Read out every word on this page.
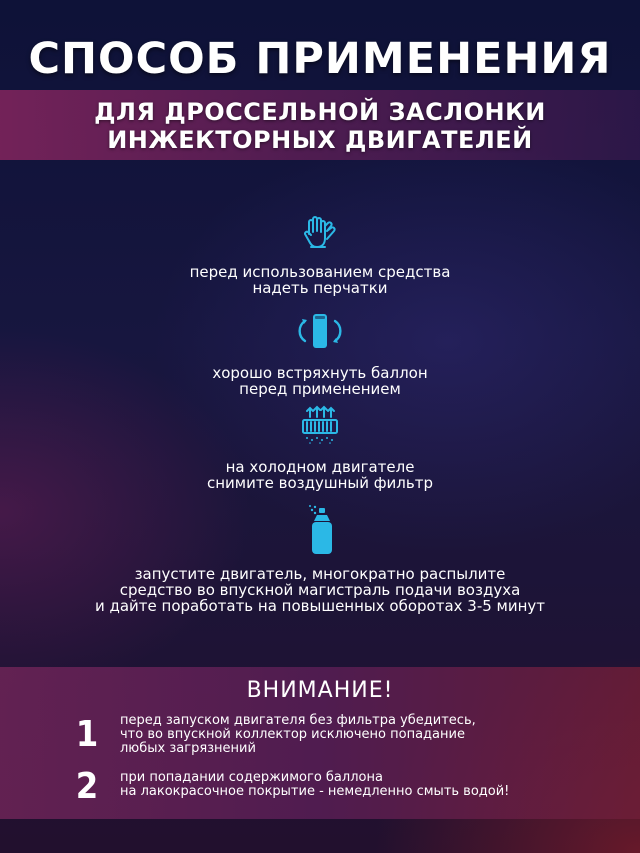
СПОСОБ ПРИМЕНЕНИЯ
ДЛЯ ДРОССЕЛЬНОЙ ЗАСЛОНКИ
ИНЖЕКТОРНЫХ ДВИГАТЕЛЕЙ
перед использованием средства
надеть перчатки
хорошо встряхнуть баллон
перед применением
на холодном двигателе
снимите воздушный фильтр
запустите двигатель, многократно распылите
средство во впускной магистраль подачи воздуха
и дайте поработать на повышенных оборотах 3-5 минут
ВНИМАНИЕ!
1 перед запуском двигателя без фильтра убедитесь,
что во впускной коллектор исключено попадание
любых загрязнений
2 при попадании содержимого баллона
на лакокрасочное покрытие - немедленно смыть водой!
